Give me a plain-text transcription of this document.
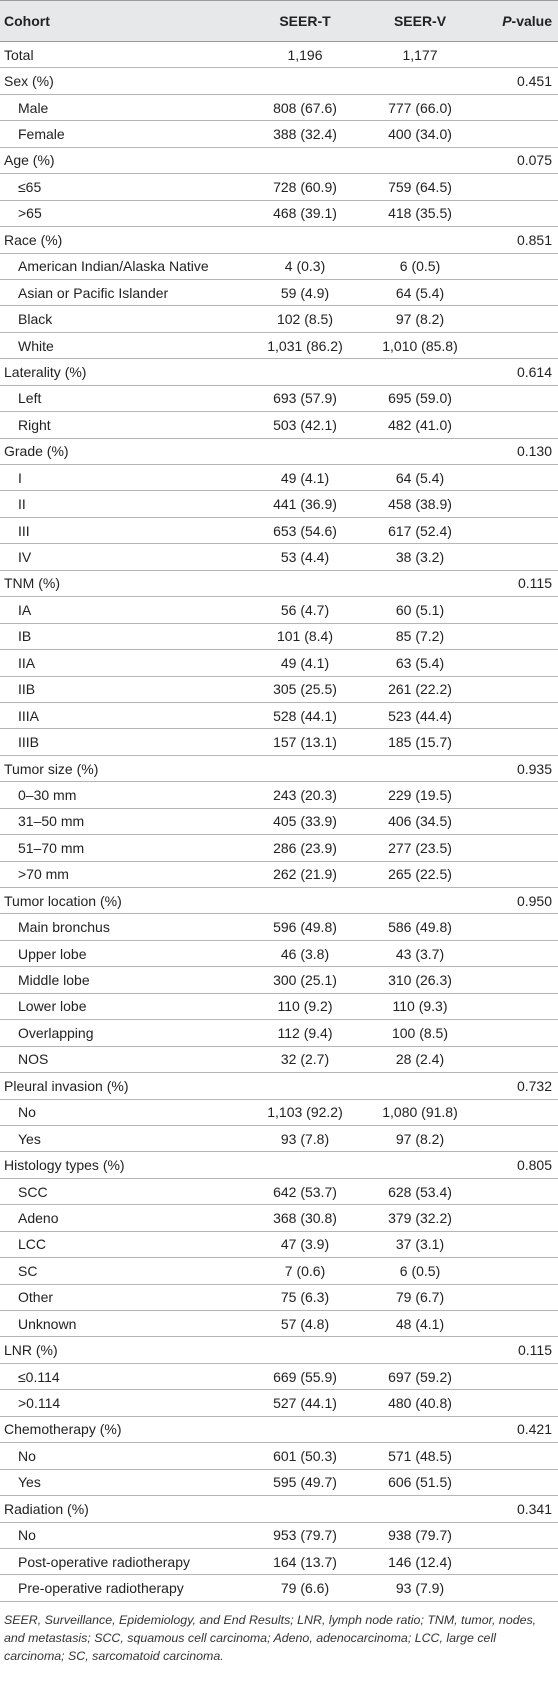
Cohort	SEER-T	SEER-V	P-value
Total	1,196	1,177	
Sex (%)			0.451
Male	808 (67.6)	777 (66.0)	
Female	388 (32.4)	400 (34.0)	
Age (%)			0.075
≤65	728 (60.9)	759 (64.5)	
>65	468 (39.1)	418 (35.5)	
Race (%)			0.851
American Indian/Alaska Native	4 (0.3)	6 (0.5)	
Asian or Pacific Islander	59 (4.9)	64 (5.4)	
Black	102 (8.5)	97 (8.2)	
White	1,031 (86.2)	1,010 (85.8)	
Laterality (%)			0.614
Left	693 (57.9)	695 (59.0)	
Right	503 (42.1)	482 (41.0)	
Grade (%)			0.130
I	49 (4.1)	64 (5.4)	
II	441 (36.9)	458 (38.9)	
III	653 (54.6)	617 (52.4)	
IV	53 (4.4)	38 (3.2)	
TNM (%)			0.115
IA	56 (4.7)	60 (5.1)	
IB	101 (8.4)	85 (7.2)	
IIA	49 (4.1)	63 (5.4)	
IIB	305 (25.5)	261 (22.2)	
IIIA	528 (44.1)	523 (44.4)	
IIIB	157 (13.1)	185 (15.7)	
Tumor size (%)			0.935
0–30 mm	243 (20.3)	229 (19.5)	
31–50 mm	405 (33.9)	406 (34.5)	
51–70 mm	286 (23.9)	277 (23.5)	
>70 mm	262 (21.9)	265 (22.5)	
Tumor location (%)			0.950
Main bronchus	596 (49.8)	586 (49.8)	
Upper lobe	46 (3.8)	43 (3.7)	
Middle lobe	300 (25.1)	310 (26.3)	
Lower lobe	110 (9.2)	110 (9.3)	
Overlapping	112 (9.4)	100 (8.5)	
NOS	32 (2.7)	28 (2.4)	
Pleural invasion (%)			0.732
No	1,103 (92.2)	1,080 (91.8)	
Yes	93 (7.8)	97 (8.2)	
Histology types (%)			0.805
SCC	642 (53.7)	628 (53.4)	
Adeno	368 (30.8)	379 (32.2)	
LCC	47 (3.9)	37 (3.1)	
SC	7 (0.6)	6 (0.5)	
Other	75 (6.3)	79 (6.7)	
Unknown	57 (4.8)	48 (4.1)	
LNR (%)			0.115
≤0.114	669 (55.9)	697 (59.2)	
>0.114	527 (44.1)	480 (40.8)	
Chemotherapy (%)			0.421
No	601 (50.3)	571 (48.5)	
Yes	595 (49.7)	606 (51.5)	
Radiation (%)			0.341
No	953 (79.7)	938 (79.7)	
Post-operative radiotherapy	164 (13.7)	146 (12.4)	
Pre-operative radiotherapy	79 (6.6)	93 (7.9)	
SEER, Surveillance, Epidemiology, and End Results; LNR, lymph node ratio; TNM, tumor, nodes, and metastasis; SCC, squamous cell carcinoma; Adeno, adenocarcinoma; LCC, large cell carcinoma; SC, sarcomatoid carcinoma.
